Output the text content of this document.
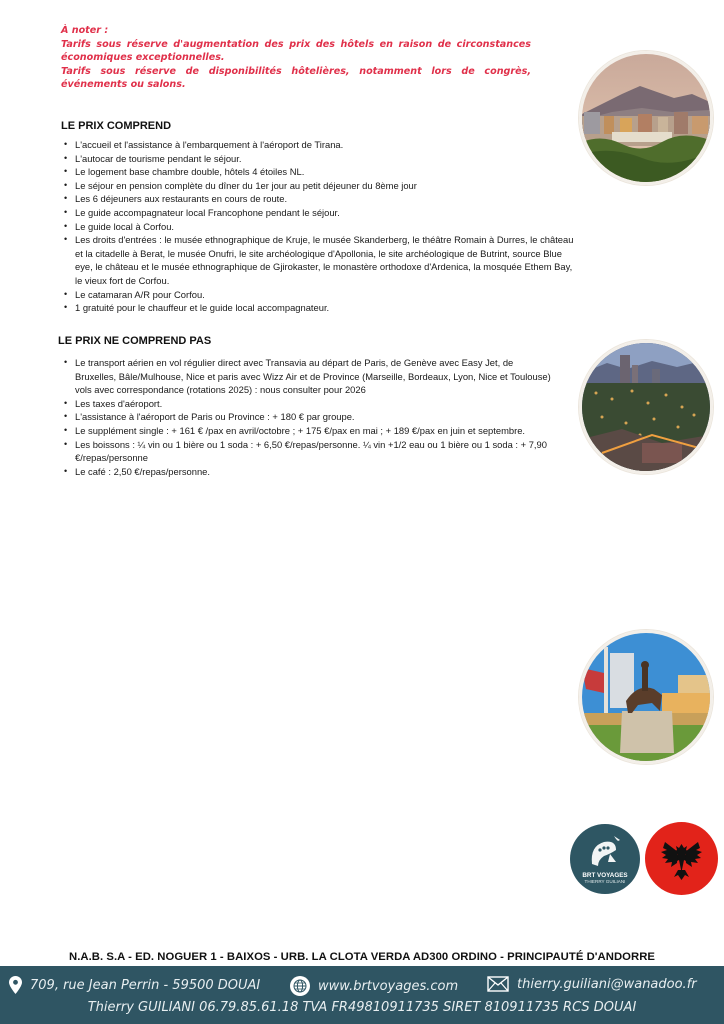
À noter :

Tarifs sous réserve d'augmentation des prix des hôtels en raison de circonstances économiques exceptionnelles.

Tarifs sous réserve de disponibilités hôtelières, notamment lors de congrès, événements ou salons.

LE PRIX COMPREND
• L'accueil et l'assistance à l'embarquement à l'aéroport de Tirana.
• L'autocar de tourisme pendant le séjour.
• Le logement base chambre double, hôtels 4 étoiles NL.
• Le séjour en pension complète du dîner du 1er jour au petit déjeuner du 8ème jour
• Les 6 déjeuners aux restaurants en cours de route.
• Le guide accompagnateur local Francophone pendant le séjour.
• Le guide local à Corfou.
• Les droits d'entrées : le musée ethnographique de Kruje, le musée Skanderberg, le théâtre Romain à Durres, le château et la citadelle à Berat, le musée Onufri, le site archéologique d'Apollonia, le site archéologique de Butrint, source Blue eye, le château et le musée ethnographique de Gjirokaster, le monastère orthodoxe d'Ardenica, la mosquée Ethem Bay, le vieux fort de Corfou.
• Le catamaran A/R pour Corfou.
• 1 gratuité pour le chauffeur et le guide local accompagnateur.
LE PRIX NE COMPREND PAS
• Le transport aérien en vol régulier direct avec Transavia au départ de Paris, de Genève avec Easy Jet, de Bruxelles, Bâle/Mulhouse, Nice et paris avec Wizz Air et de Province (Marseille, Bordeaux, Lyon, Nice et Toulouse) vols avec correspondance (rotations 2025) : nous consulter pour 2026
• Les taxes d'aéroport.
• L'assistance à l'aéroport de Paris ou Province : + 180 € par groupe.
• Le supplément single : + 161 € /pax en avril/octobre ; + 175 €/pax en mai ; + 189 €/pax en juin et septembre.
• Les boissons : ¼ vin ou 1 bière ou 1 soda : + 6,50 €/repas/personne. ¼ vin +1/2 eau ou 1 bière ou 1 soda : + 7,90 €/repas/personne
• Le café : 2,50 €/repas/personne.
BRT VOYAGES
THIERRY GUILIANI
N.A.B. S.A - ED. NOGUER 1 - BAIXOS - URB. LA CLOTA VERDA AD300 ORDINO - PRINCIPAUTÉ D'ANDORRE
709, rue Jean Perrin - 59500 DOUAI	www.brtvoyages.com	thierry.guiliani@wanadoo.fr
Thierry GUILIANI 06.79.85.61.18 TVA FR49810911735 SIRET 810911735 RCS DOUAI
